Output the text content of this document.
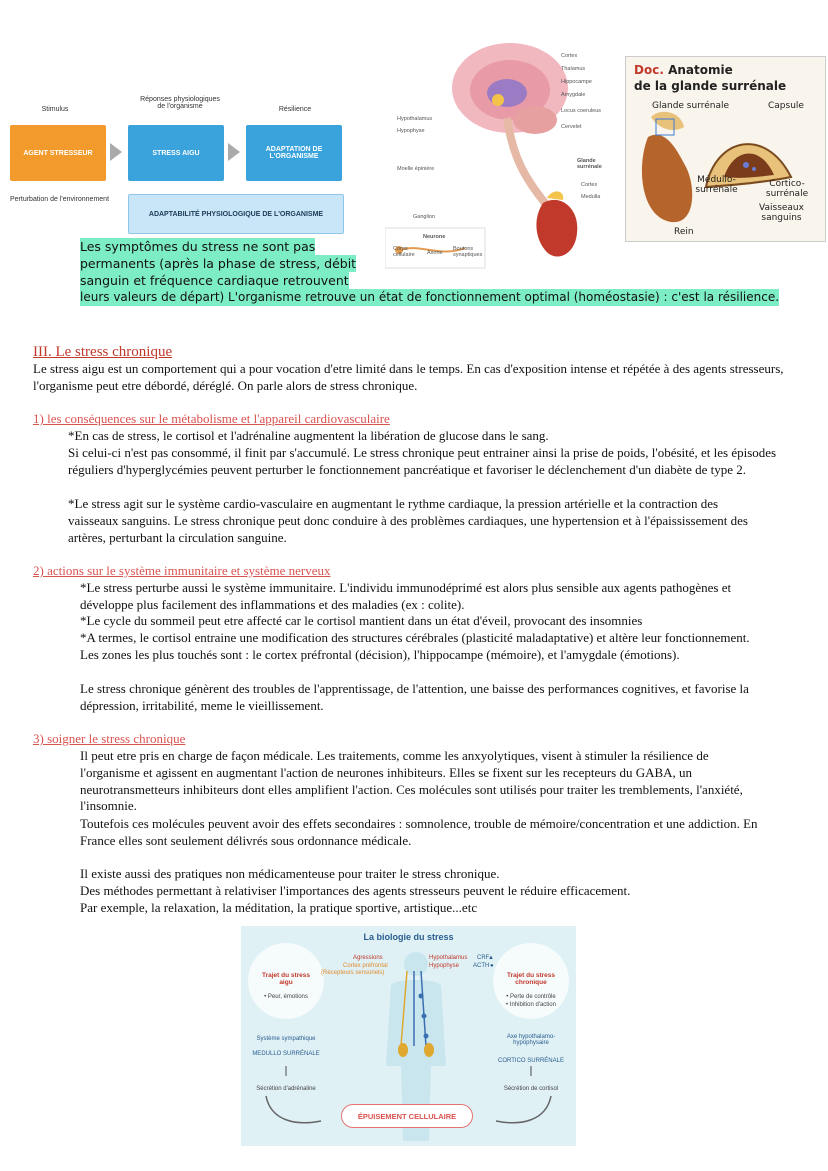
Stimulus
Réponses physiologiques de l'organisme	Résilience
AGENT STRESSEUR	STRESS AIGU	ADAPTATION DE L'ORGANISME
Perturbation de l'environnement
ADAPTABILITÉ PHYSIOLOGIQUE DE L'ORGANISME
Les symptômes du stress ne sont pas
permanents (après la phase de stress, débit
sanguin et fréquence cardiaque retrouvent
leurs valeurs de départ) L'organisme retrouve un état de fonctionnement optimal (homéostasie) : c'est la résilience.
Cortex
Thalamus
Hippocampe
Amygdale
Locus coeruleus
Cervelet
Hypothalamus
Hypophyse
Moelle épinière
Ganglion
Glande surrénale
Cortex
Medulla
Neurone
Corps cellulaire	Axone
Boutons synaptiques
Doc. Anatomie
de la glande surrénale
Glande surrénale	Capsule
Médullo-surrénale
Cortico-surrénale
Vaisseaux sanguins
Rein
III. Le stress chronique

Le stress aigu est un comportement qui a pour vocation d'etre limité dans le temps. En cas d'exposition intense et répétée à des agents stresseurs, l'organisme peut etre débordé, déréglé. On parle alors de stress chronique.

1) les conséquences sur le métabolisme et l'appareil cardiovasculaire

*En cas de stress, le cortisol et l'adrénaline augmentent la libération de glucose dans le sang.

Si celui-ci n'est pas consommé, il finit par s'accumulé. Le stress chronique peut entrainer ainsi la prise de poids, l'obésité, et les épisodes réguliers d'hyperglycémies peuvent perturber le fonctionnement pancréatique et favoriser le déclenchement d'un diabète de type 2.

*Le stress agit sur le système cardio-vasculaire en augmentant le rythme cardiaque, la pression artérielle et la contraction des vaisseaux sanguins. Le stress chronique peut donc conduire à des problèmes cardiaques, une hypertension et à l'épaississement des artères, perturbant la circulation sanguine.

2) actions sur le système immunitaire et système nerveux

*Le stress perturbe aussi le système immunitaire. L'individu immunodéprimé est alors plus sensible aux agents pathogènes et développe plus facilement des inflammations et des maladies (ex : colite).

*Le cycle du sommeil peut etre affecté car le cortisol mantient dans un état d'éveil, provocant des insomnies

*A termes, le cortisol entraine une modification des structures cérébrales (plasticité maladaptative) et altère leur fonctionnement. Les zones les plus touchés sont : le cortex préfrontal (décision), l'hippocampe (mémoire), et l'amygdale (émotions).

Le stress chronique génèrent des troubles de l'apprentissage, de l'attention, une baisse des performances cognitives, et favorise la dépression, irritabilité, meme le vieillissement.

3) soigner le stress chronique

Il peut etre pris en charge de façon médicale. Les traitements, comme les anxyolytiques, visent à stimuler la résilience de l'organisme et agissent en augmentant l'action de neurones inhibiteurs. Elles se fixent sur les recepteurs du GABA, un neurotransmetteurs inhibiteurs dont elles amplifient l'action. Ces molécules sont utilisés pour traiter les tremblements, l'anxiété, l'insomnie.

Toutefois ces molécules peuvent avoir des effets secondaires : somnolence, trouble de mémoire/concentration et une addiction. En France elles sont seulement délivrés sous ordonnance médicale.

Il existe aussi des pratiques non médicamenteuse pour traiter le stress chronique.

Des méthodes permettant à relativiser l'importances des agents stresseurs peuvent le réduire efficacement.

Par exemple, la relaxation, la méditation, la pratique sportive, artistique...etc

La biologie du stress
Agressions
Cortex préfrontal
(Récepteurs sensoriels)
Hypothalamus
Hypophyse
CRF
▲
ACTH ●
Trajet du stress aigu
• Peur, émotions
Trajet du stress chronique
• Perte de contrôle
• Inhibition d'action
Système sympathique
MEDULLO SURRÉNALE
Sécrétion d'adrénaline
Axe hypothalamo-hypophysaire
CORTICO SURRÉNALE
Sécrétion de cortisol
ÉPUISEMENT CELLULAIRE
